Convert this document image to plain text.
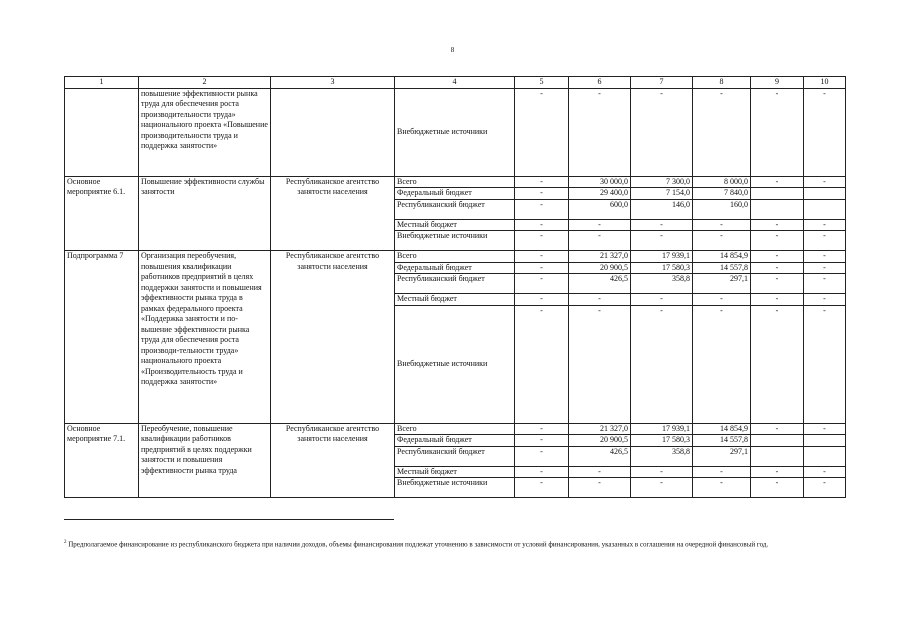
8
1	2	3	4	5	6	7	8	9	10
	повышение эффективности рынка труда для обеспечения роста производительности труда» национального проекта «Повышение производительности труда и поддержка занятости»		Внебюджетные источники	-	-	-	-	-	-
Основное мероприятие 6.1.	Повышение эффективности службы занятости	Республиканское агентство занятости населения	Всего	-	30 000,0	7 300,0	8 000,0	-	-
			Федеральный бюджет	-	29 400,0	7 154,0	7 840,0		
			Республиканский бюджет	-	600,0	146,0	160,0		
			Местный бюджет	-	-	-	-	-	-
			Внебюджетные источники	-	-	-	-	-	-
Подпрограмма 7	Организация переобучения, повышения квалификации работников предприятий в целях поддержки занятости и повышения эффективности рынка труда в рамках федерального проекта «Поддержка занятости и по-вышение эффективности рынка труда для обеспечения роста производи-тельности труда» национального проекта «Производительность труда и поддержка занятости»	Республиканское агентство занятости населения	Всего	-	21 327,0	17 939,1	14 854,9	-	-
			Федеральный бюджет	-	20 900,5	17 580,3	14 557,8	-	-
			Республиканский бюджет	-	426,5	358,8	297,1	-	-
			Местный бюджет	-	-	-	-	-	-
			Внебюджетные источники	-	-	-	-	-	-
Основное мероприятие 7.1.	Переобучение, повышение квалификации работников предприятий в целях поддержки занятости и повышения эффективности рынка труда	Республиканское агентство занятости населения	Всего	-	21 327,0	17 939,1	14 854,9	-	-
			Федеральный бюджет	-	20 900,5	17 580,3	14 557,8		
			Республиканский бюджет	-	426,5	358,8	297,1		
			Местный бюджет	-	-	-	-	-	-
			Внебюджетные источники	-	-	-	-	-	-
$^2$ Предполагаемое финансирование из республиканского бюджета при наличии доходов, объемы финансирования подлежат уточнению в зависимости от условий финансирования, указанных в соглашения на очередной финансовый год.
